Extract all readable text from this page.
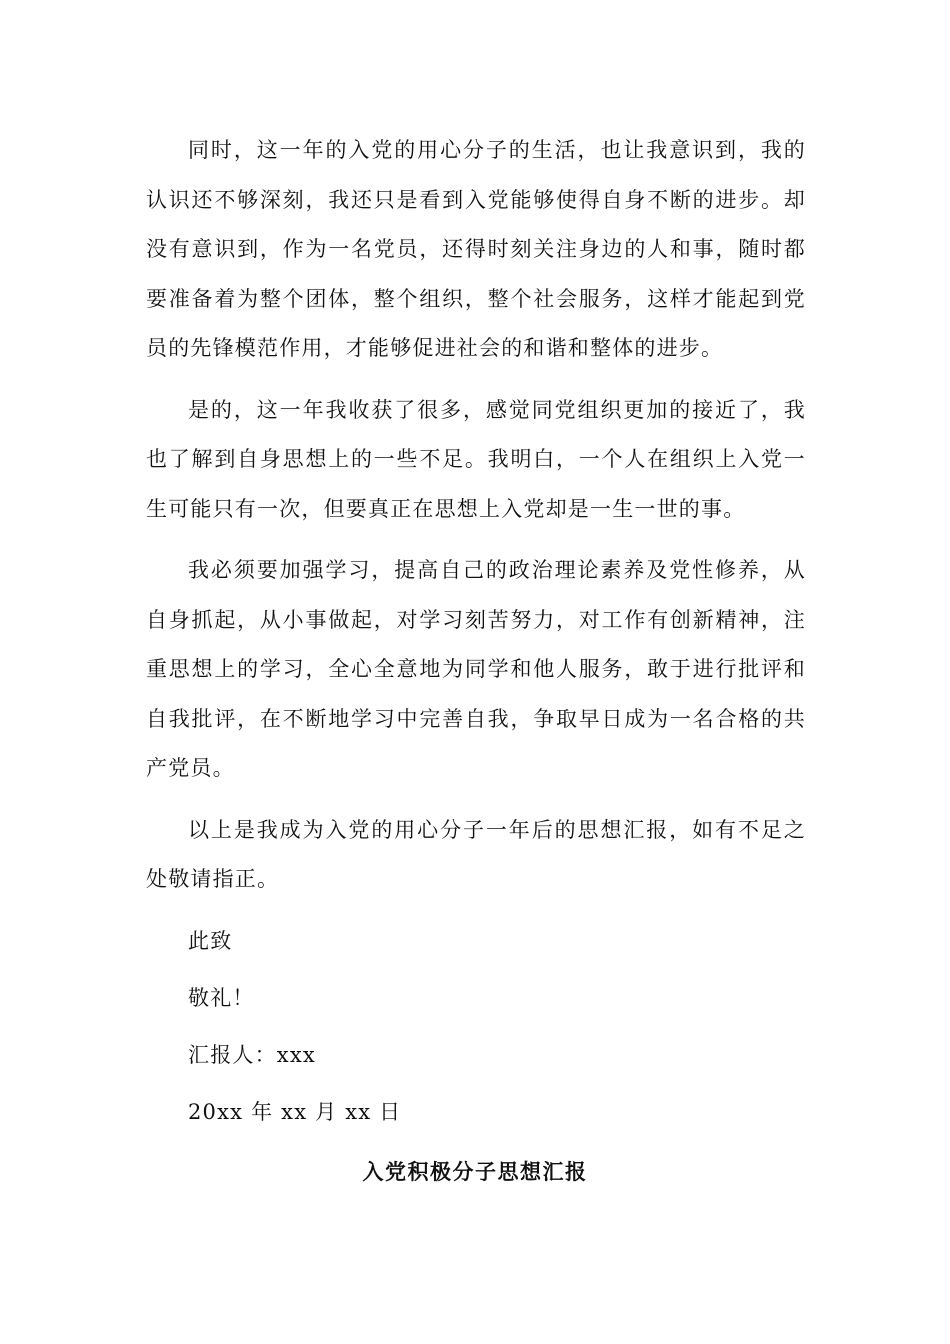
同时，这一年的入党的用心分子的生活，也让我意识到，我的认识还不够深刻，我还只是看到入党能够使得自身不断的进步。却没有意识到，作为一名党员，还得时刻关注身边的人和事，随时都要准备着为整个团体，整个组织，整个社会服务，这样才能起到党员的先锋模范作用，才能够促进社会的和谐和整体的进步。

是的，这一年我收获了很多，感觉同党组织更加的接近了，我也了解到自身思想上的一些不足。我明白，一个人在组织上入党一生可能只有一次，但要真正在思想上入党却是一生一世的事。

我必须要加强学习，提高自己的政治理论素养及党性修养，从自身抓起，从小事做起，对学习刻苦努力，对工作有创新精神，注重思想上的学习，全心全意地为同学和他人服务，敢于进行批评和自我批评，在不断地学习中完善自我，争取早日成为一名合格的共产党员。

以上是我成为入党的用心分子一年后的思想汇报，如有不足之处敬请指正。

此致

敬礼！

汇报人：xxx

20xx 年 xx 月 xx 日

入党积极分子思想汇报
